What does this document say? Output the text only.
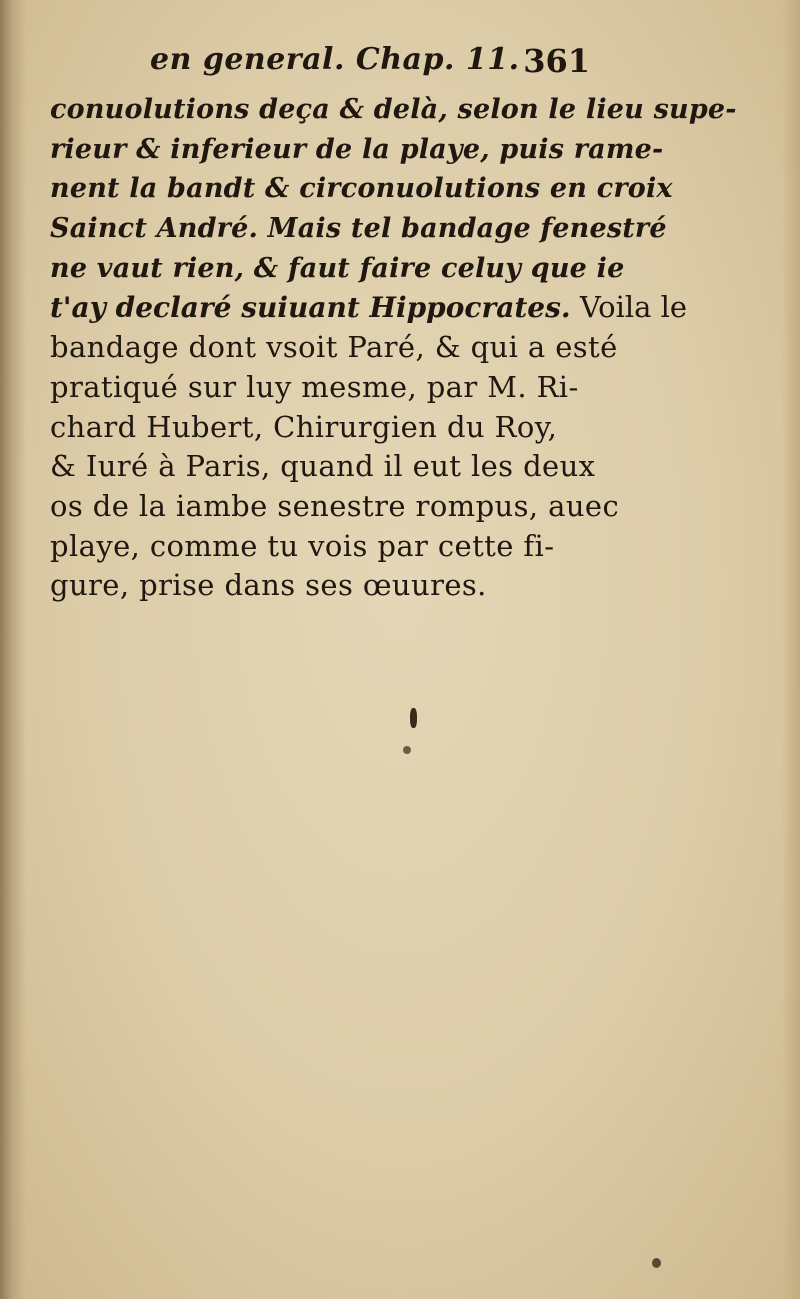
en general. Chap. 11. 361
conuolutions deça & delà, selon le lieu supe-
rieur & inferieur de la playe, puis rame-
nent la bandt & circonuolutions en croix
Sainct André. Mais tel bandage fenestré
ne vaut rien, & faut faire celuy que ie
t'ay declaré suiuant Hippocrates. Voila le
bandage dont vsoit Paré, & qui a esté
pratiqué sur luy mesme, par M. Ri-
chard Hubert, Chirurgien du Roy,
& Iuré à Paris, quand il eut les deux
os de la iambe senestre rompus, auec
playe, comme tu vois par cette fi-
gure, prise dans ses œuures.
